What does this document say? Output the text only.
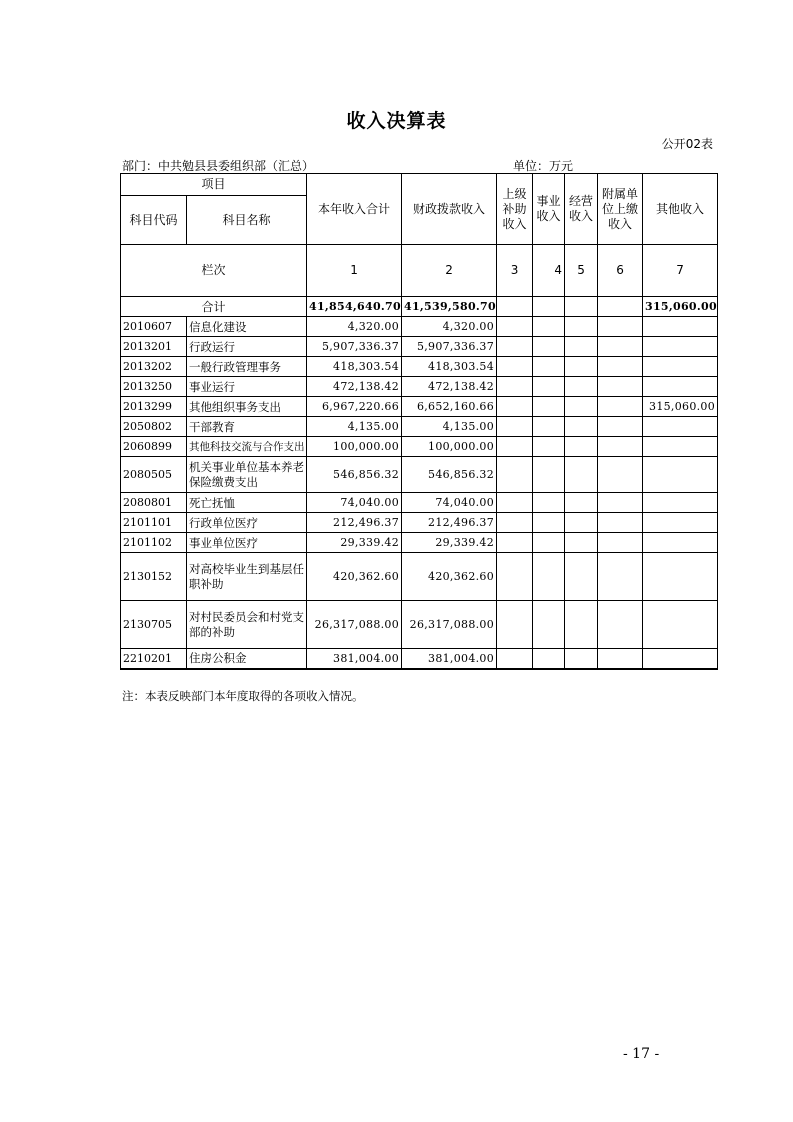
收入决算表
公开02表
部门：中共勉县县委组织部（汇总）	单位：万元
项目		本年收入合计	财政拨款收入	上级补助收入	事业收入	经营收入	附属单位上缴收入	其他收入
科目代码	科目名称							
栏次		1	2	3	4	5	6	7
合计		41,854,640.70	41,539,580.70					315,060.00
2010607	信息化建设	4,320.00	4,320.00					
2013201	行政运行	5,907,336.37	5,907,336.37					
2013202	一般行政管理事务	418,303.54	418,303.54					
2013250	事业运行	472,138.42	472,138.42					
2013299	其他组织事务支出	6,967,220.66	6,652,160.66					315,060.00
2050802	干部教育	4,135.00	4,135.00					
2060899	其他科技交流与合作支出	100,000.00	100,000.00					
2080505	机关事业单位基本养老保险缴费支出	546,856.32	546,856.32					
2080801	死亡抚恤	74,040.00	74,040.00					
2101101	行政单位医疗	212,496.37	212,496.37					
2101102	事业单位医疗	29,339.42	29,339.42					
2130152	对高校毕业生到基层任职补助	420,362.60	420,362.60					
2130705	对村民委员会和村党支部的补助	26,317,088.00	26,317,088.00					
2210201	住房公积金	381,004.00	381,004.00					
注：本表反映部门本年度取得的各项收入情况。
- 17 -
